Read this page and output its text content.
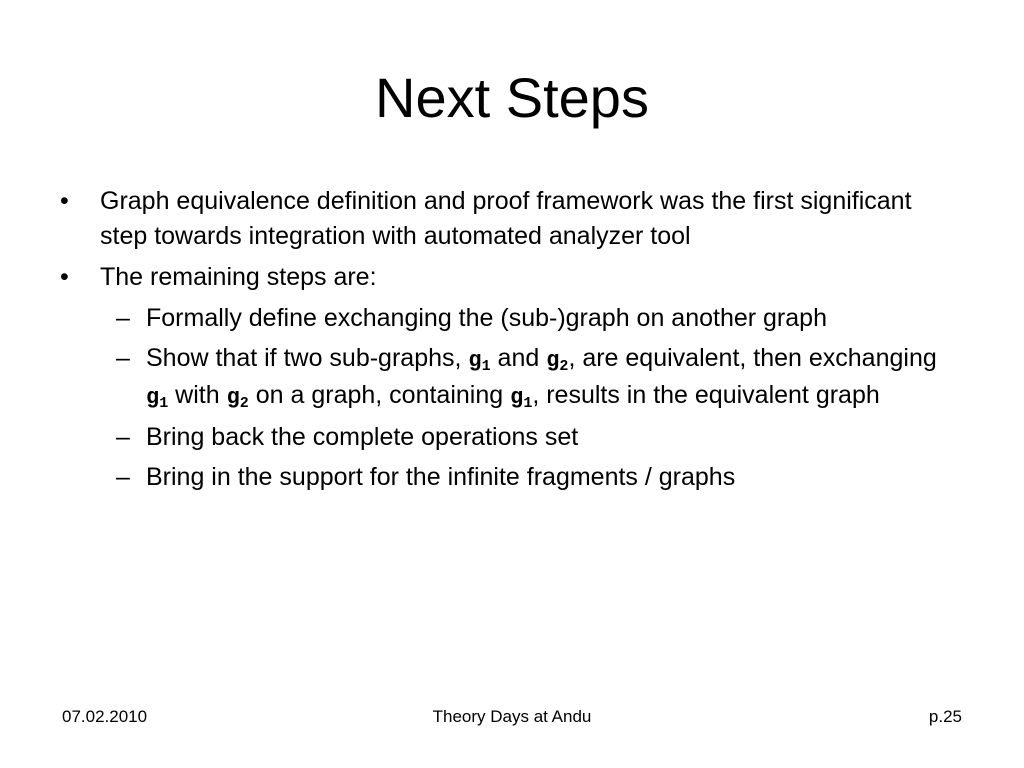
Next Steps
• Graph equivalence definition and proof framework was the first significant step towards integration with automated analyzer tool
• The remaining steps are:
– Formally define exchanging the (sub-)graph on another graph
– Show that if two sub-graphs, $g_1$ and $g_2$, are equivalent, then exchanging $g_1$ with $g_2$ on a graph, containing $g_1$, results in the equivalent graph
– Bring back the complete operations set
– Bring in the support for the infinite fragments / graphs
07.02.2010	Theory Days at Andu	p.25
